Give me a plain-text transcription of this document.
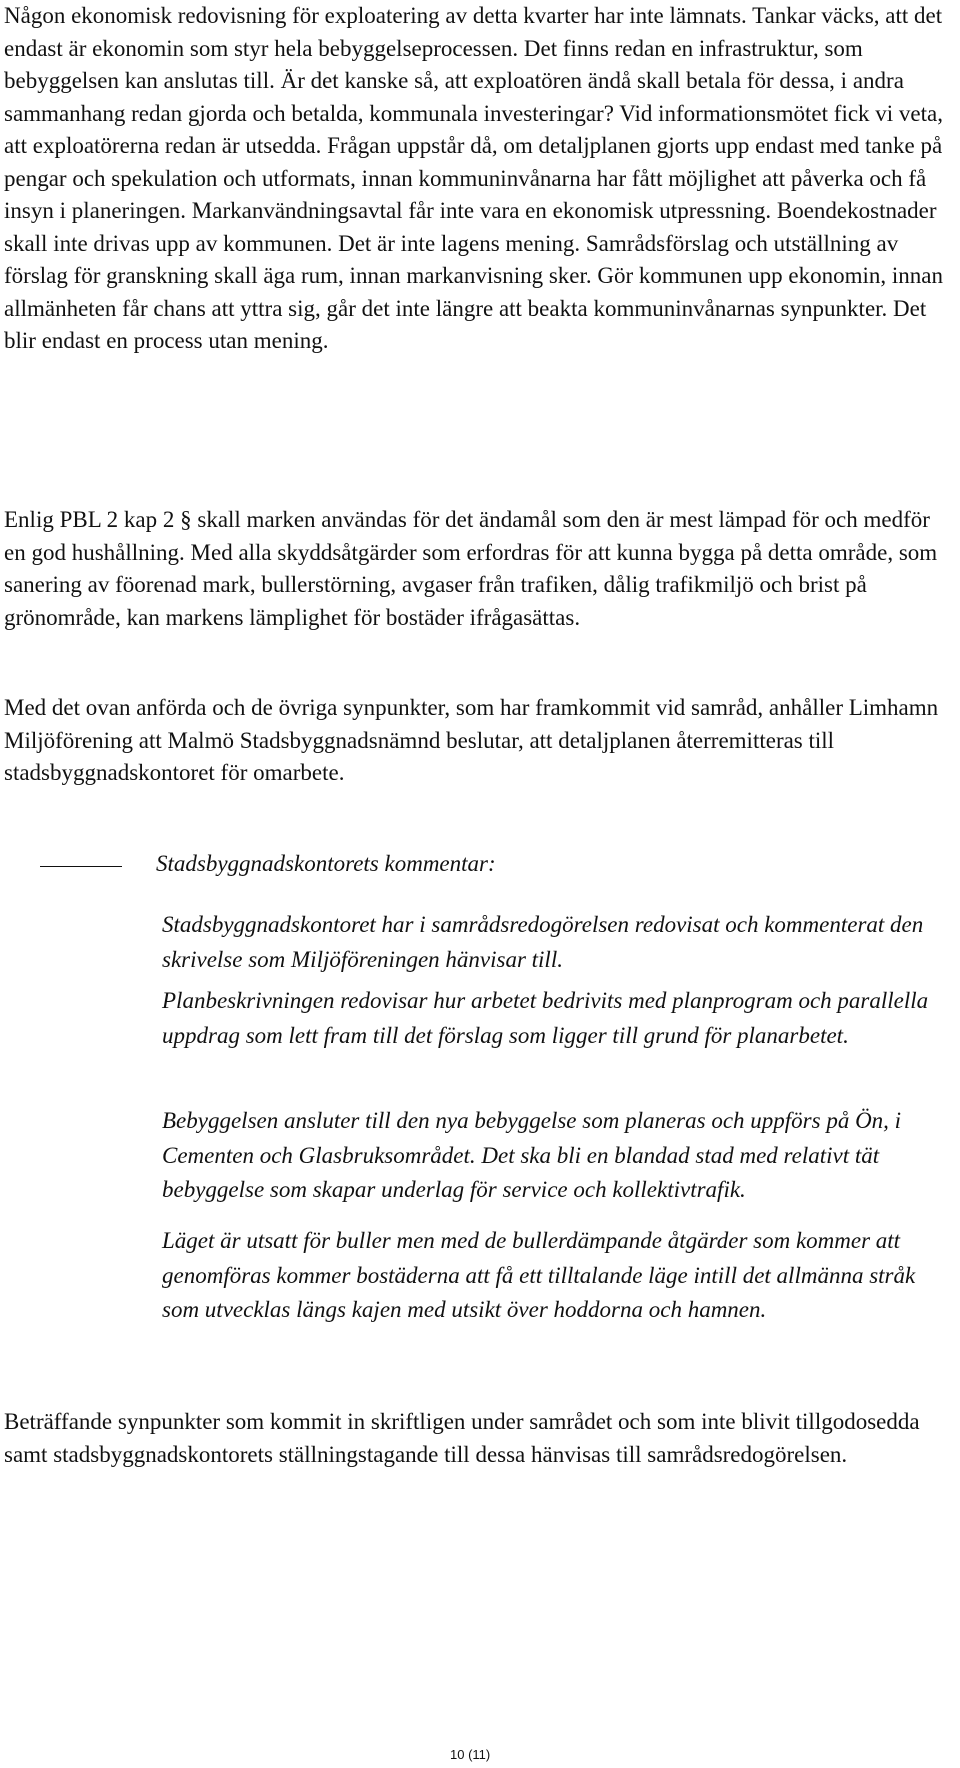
Någon ekonomisk redovisning för exploatering av detta kvarter har inte lämnats. Tankar väcks, att det endast är ekonomin som styr hela bebyggelseprocessen. Det finns redan en infrastruktur, som bebyggelsen kan anslutas till. Är det kanske så, att exploatören ändå skall betala för dessa, i andra sammanhang redan gjorda och betalda, kommunala investeringar? Vid informationsmötet fick vi veta, att exploatörerna redan är utsedda. Frågan uppstår då, om detaljplanen gjorts upp endast med tanke på pengar och spekulation och utformats, innan kommuninvånarna har fått möjlighet att påverka och få insyn i planeringen. Markanvändningsavtal får inte vara en ekonomisk utpressning. Boendekostnader skall inte drivas upp av kommunen. Det är inte lagens mening. Samrådsförslag och utställning av förslag för granskning skall äga rum, innan markanvisning sker. Gör kommunen upp ekonomin, innan allmänheten får chans att yttra sig, går det inte längre att beakta kommuninvånarnas synpunkter. Det blir endast en process utan mening.

Enlig PBL 2 kap 2 § skall marken användas för det ändamål som den är mest lämpad för och medför en god hushållning. Med alla skyddsåtgärder som erfordras för att kunna bygga på detta område, som sanering av föorenad mark, bullerstörning, avgaser från trafiken, dålig trafikmiljö och brist på grönområde, kan markens lämplighet för bostäder ifrågasättas.

Med det ovan anförda och de övriga synpunkter, som har framkommit vid samråd, anhåller Limhamn Miljöförening att Malmö Stadsbyggnadsnämnd beslutar, att detaljplanen återremitteras till stadsbyggnadskontoret för omarbete.

Stadsbyggnadskontorets kommentar:

Stadsbyggnadskontoret har i samrådsredogörelsen redovisat och kommenterat den skrivelse som Miljöföreningen hänvisar till.

Planbeskrivningen redovisar hur arbetet bedrivits med planprogram och parallella uppdrag som lett fram till det förslag som ligger till grund för planarbetet.

Bebyggelsen ansluter till den nya bebyggelse som planeras och uppförs på Ön, i Cementen och Glasbruksområdet. Det ska bli en blandad stad med relativt tät bebyggelse som skapar underlag för service och kollektivtrafik.

Läget är utsatt för buller men med de bullerdämpande åtgärder som kommer att genomföras kommer bostäderna att få ett tilltalande läge intill det allmänna stråk som utvecklas längs kajen med utsikt över hoddorna och hamnen.

Beträffande synpunkter som kommit in skriftligen under samrådet och som inte blivit tillgodosedda samt stadsbyggnadskontorets ställningstagande till dessa hänvisas till samrådsredogörelsen.

10 (11)
